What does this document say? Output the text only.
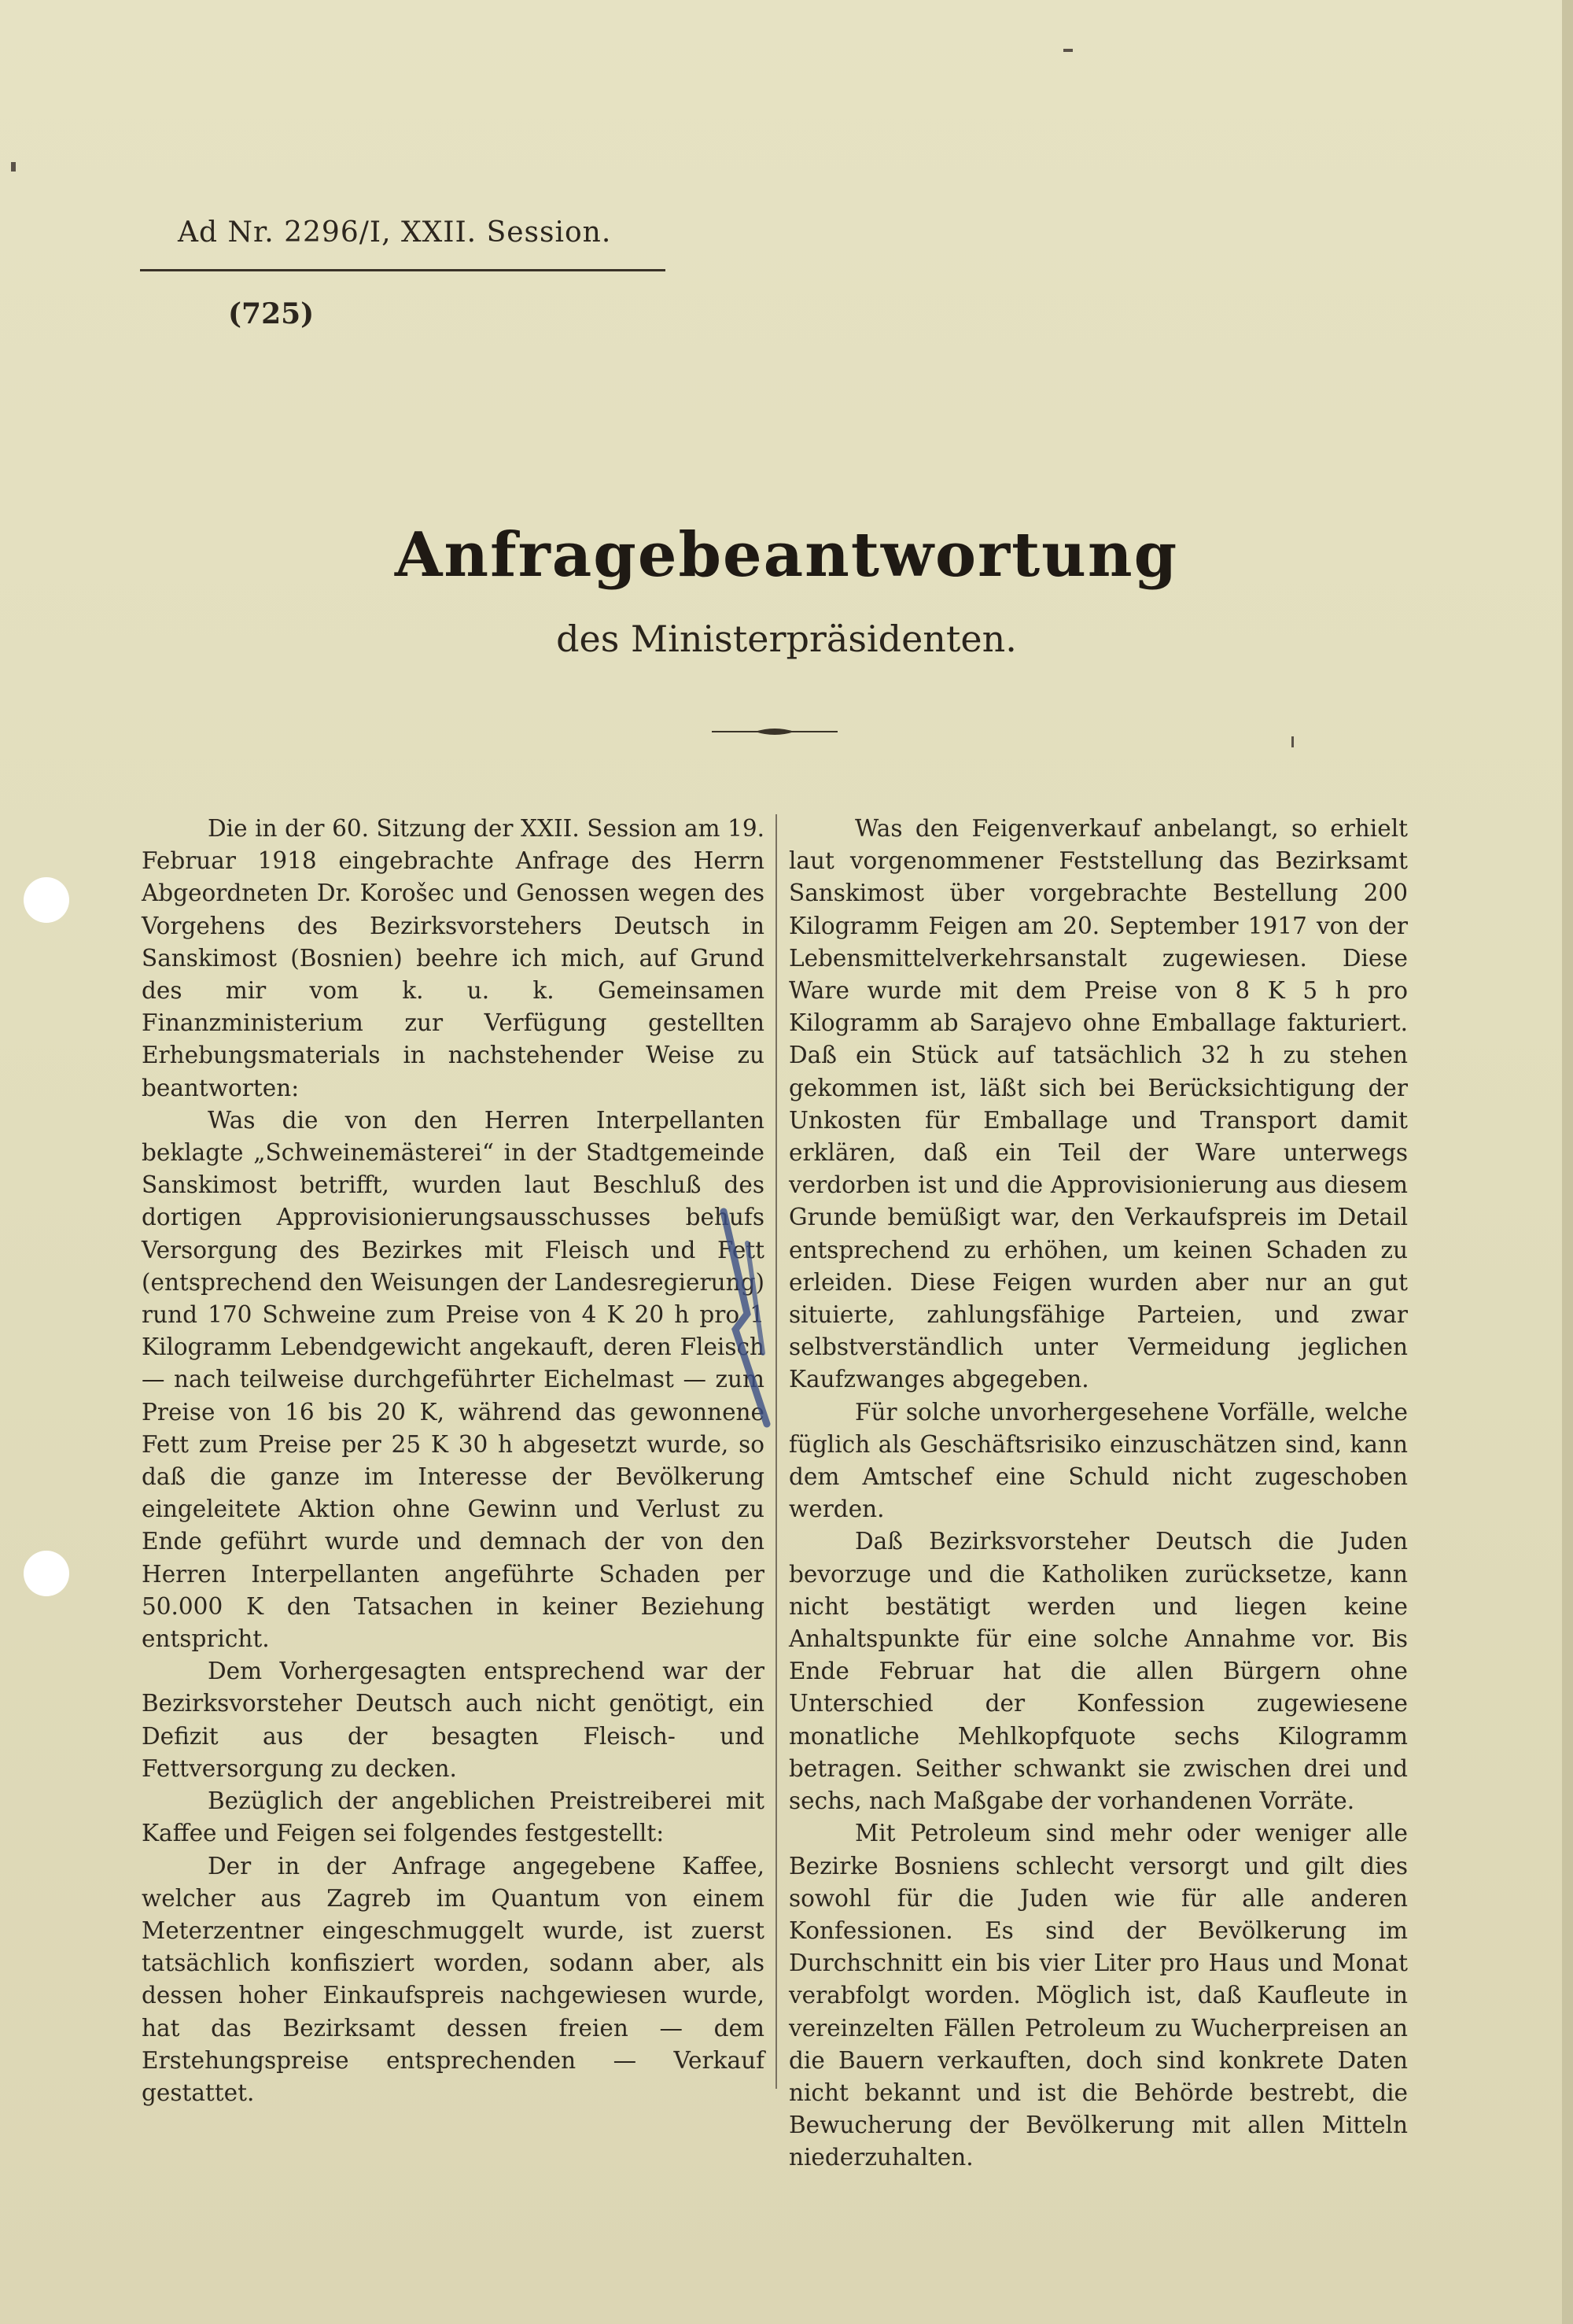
Ad Nr. 2296/I, XXII. Session.
(725)
Anfragebeantwortung
des Ministerpräsidenten.

Die in der 60. Sitzung der XXII. Session am 19. Februar 1918 eingebrachte Anfrage des Herrn Abgeordneten Dr. Korošec und Genossen wegen des Vorgehens des Bezirksvorstehers Deutsch in Sanskimost (Bosnien) beehre ich mich, auf Grund des mir vom k. u. k. Gemeinsamen Finanzministerium zur Verfügung gestellten Erhebungsmaterials in nachstehender Weise zu beantworten:

Was die von den Herren Interpellanten beklagte „Schweinemästerei“ in der Stadtgemeinde Sanskimost betrifft, wurden laut Beschluß des dortigen Approvisionierungsausschusses behufs Versorgung des Bezirkes mit Fleisch und Fett (entsprechend den Weisungen der Landesregierung) rund 170 Schweine zum Preise von 4 K 20 h pro 1 Kilogramm Lebendgewicht angekauft, deren Fleisch — nach teilweise durchgeführter Eichelmast — zum Preise von 16 bis 20 K, während das gewonnene Fett zum Preise per 25 K 30 h abgesetzt wurde, so daß die ganze im Interesse der Bevölkerung eingeleitete Aktion ohne Gewinn und Verlust zu Ende geführt wurde und demnach der von den Herren Interpellanten angeführte Schaden per 50.000 K den Tatsachen in keiner Beziehung entspricht.

Dem Vorhergesagten entsprechend war der Bezirksvorsteher Deutsch auch nicht genötigt, ein Defizit aus der besagten Fleisch- und Fettversorgung zu decken.

Bezüglich der angeblichen Preistreiberei mit Kaffee und Feigen sei folgendes festgestellt:

Der in der Anfrage angegebene Kaffee, welcher aus Zagreb im Quantum von einem Meterzentner eingeschmuggelt wurde, ist zuerst tatsächlich konfisziert worden, sodann aber, als dessen hoher Einkaufspreis nachgewiesen wurde, hat das Bezirksamt dessen freien — dem Erstehungspreise entsprechenden — Verkauf gestattet.

Was den Feigenverkauf anbelangt, so erhielt laut vorgenommener Feststellung das Bezirksamt Sanskimost über vorgebrachte Bestellung 200 Kilogramm Feigen am 20. September 1917 von der Lebensmittelverkehrsanstalt zugewiesen. Diese Ware wurde mit dem Preise von 8 K 5 h pro Kilogramm ab Sarajevo ohne Emballage fakturiert. Daß ein Stück auf tatsächlich 32 h zu stehen gekommen ist, läßt sich bei Berücksichtigung der Unkosten für Emballage und Transport damit erklären, daß ein Teil der Ware unterwegs verdorben ist und die Approvisionierung aus diesem Grunde bemüßigt war, den Verkaufspreis im Detail entsprechend zu erhöhen, um keinen Schaden zu erleiden. Diese Feigen wurden aber nur an gut situierte, zahlungsfähige Parteien, und zwar selbstverständlich unter Vermeidung jeglichen Kaufzwanges abgegeben.

Für solche unvorhergesehene Vorfälle, welche füglich als Geschäftsrisiko einzuschätzen sind, kann dem Amtschef eine Schuld nicht zugeschoben werden.

Daß Bezirksvorsteher Deutsch die Juden bevorzuge und die Katholiken zurücksetze, kann nicht bestätigt werden und liegen keine Anhaltspunkte für eine solche Annahme vor. Bis Ende Februar hat die allen Bürgern ohne Unterschied der Konfession zugewiesene monatliche Mehlkopfquote sechs Kilogramm betragen. Seither schwankt sie zwischen drei und sechs, nach Maßgabe der vorhandenen Vorräte.

Mit Petroleum sind mehr oder weniger alle Bezirke Bosniens schlecht versorgt und gilt dies sowohl für die Juden wie für alle anderen Konfessionen. Es sind der Bevölkerung im Durchschnitt ein bis vier Liter pro Haus und Monat verabfolgt worden. Möglich ist, daß Kaufleute in vereinzelten Fällen Petroleum zu Wucherpreisen an die Bauern verkauften, doch sind konkrete Daten nicht bekannt und ist die Behörde bestrebt, die Bewucherung der Bevölkerung mit allen Mitteln niederzuhalten.
